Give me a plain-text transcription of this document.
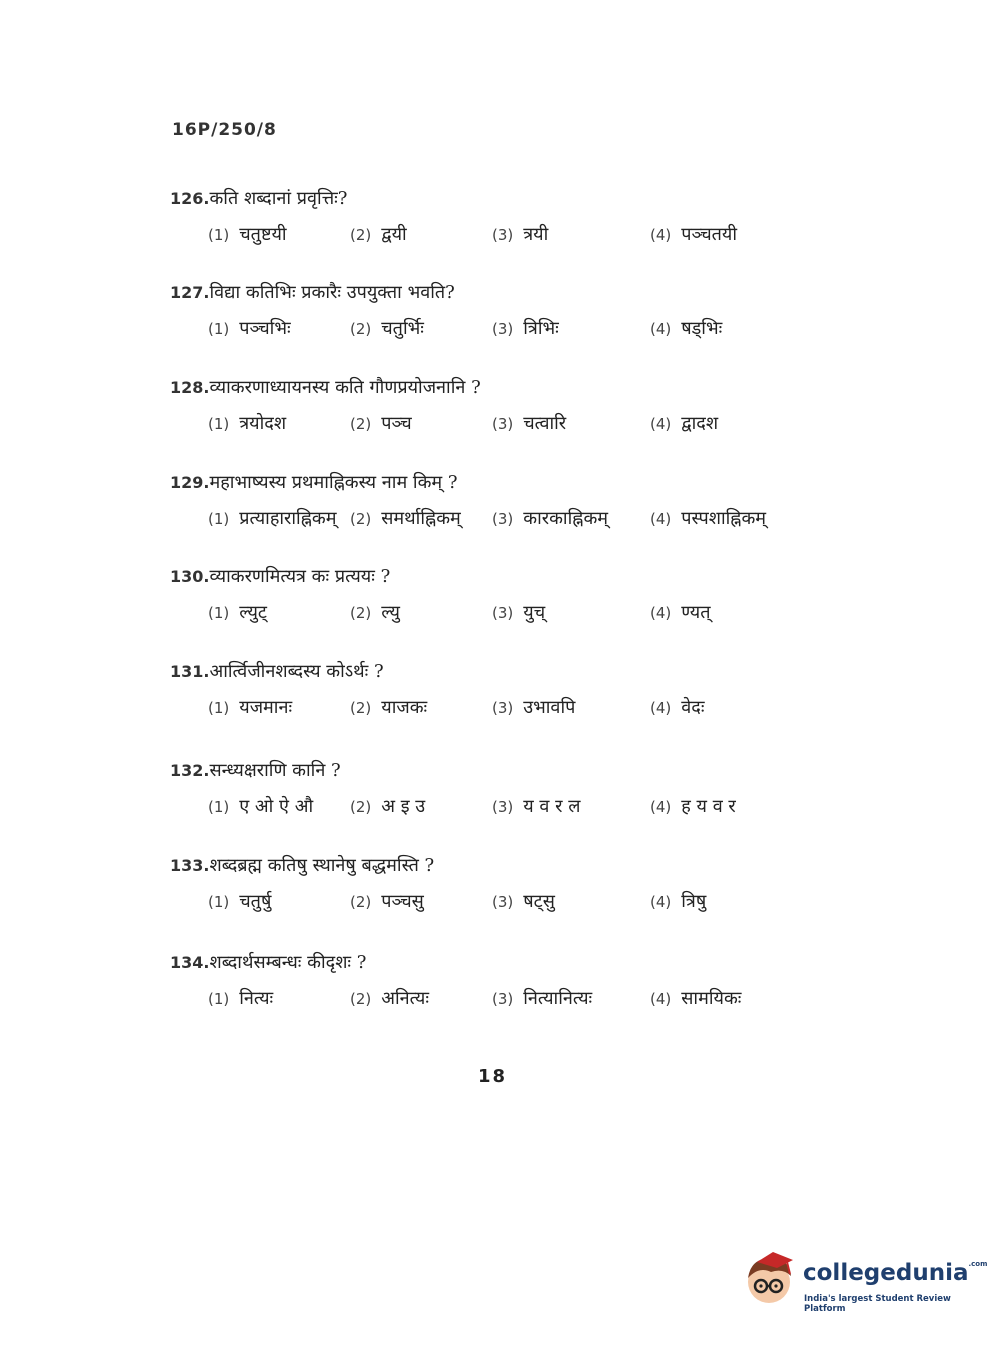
16P/250/8
126.कति शब्दानां प्रवृत्तिः?
(1) चतुष्टयी	(2) द्वयी	(3) त्रयी	(4) पञ्चतयी
127.विद्या कतिभिः प्रकारैः उपयुक्ता भवति?
(1) पञ्चभिः	(2) चतुर्भिः	(3) त्रिभिः	(4) षड्भिः
128.व्याकरणाध्यायनस्य कति गौणप्रयोजनानि ?
(1) त्रयोदश	(2) पञ्च	(3) चत्वारि	(4) द्वादश
129.महाभाष्यस्य प्रथमाह्निकस्य नाम किम् ?
(1) प्रत्याहाराह्निकम् (2) समर्थाह्निकम् (3) कारकाह्निकम्	(4) पस्पशाह्निकम्
130.व्याकरणमित्यत्र कः प्रत्ययः ?
(1) ल्युट्	(2) ल्यु	(3) युच्	(4) ण्यत्
131.आर्त्विजीनशब्दस्य कोऽर्थः ?
(1) यजमानः	(2) याजकः	(3) उभावपि	(4) वेदः
132.सन्ध्यक्षराणि कानि ?
(1) ए ओ ऐ औ (2) अ इ उ	(3) य व र ल	(4) ह य व र
133.शब्दब्रह्म कतिषु स्थानेषु बद्धमस्ति ?
(1) चतुर्षु	(2) पञ्चसु	(3) षट्सु	(4) त्रिषु
134.शब्दार्थसम्बन्धः कीदृशः ?
(1) नित्यः	(2) अनित्यः	(3) नित्यानित्यः	(4) सामयिकः
18
collegedunia$^{.com}$
India's largest Student Review Platform
